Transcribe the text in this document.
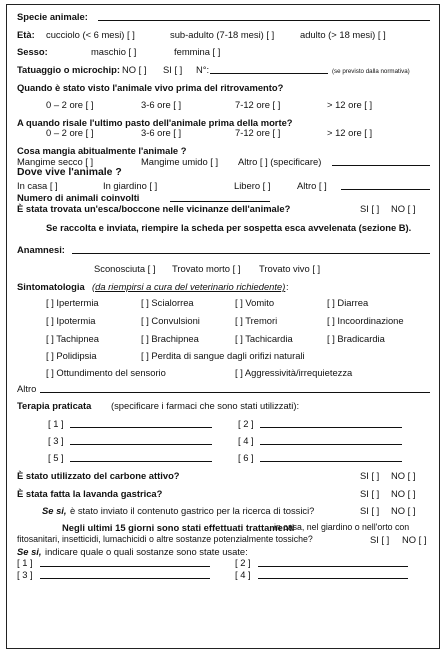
Specie animale:
Età: cucciolo (< 6 mesi) [ ]	sub-adulto (7-18 mesi) [ ]	adulto (> 18 mesi) [ ]
Sesso:	maschio [ ]	femmina [ ]
Tatuaggio o microchip: NO [ ] SI [ ] N°:	(se previsto dalla normativa)
Quando è stato visto l'animale vivo prima del ritrovamento?
0 – 2 ore [ ]	3-6 ore [ ]	7-12 ore [ ]	> 12 ore [ ]
A quando risale l'ultimo pasto dell'animale prima della morte?
0 – 2 ore [ ]	3-6 ore [ ]	7-12 ore [ ]	> 12 ore [ ]
Cosa mangia abitualmente l'animale ?
Mangime secco [ ]	Mangime umido [ ] Altro [ ] (specificare)
Dove vive l'animale ?
In casa [ ]	In giardino [ ]	Libero [ ]	Altro [ ]
Numero di animali coinvolti
È stata trovata un'esca/boccone nelle vicinanze dell'animale?	SI [ ] NO [ ]
Se raccolta e inviata, riempire la scheda per sospetta esca avvelenata (sezione B).
Anamnesi:
Sconosciuta [ ] Trovato morto [ ] Trovato vivo [ ]
Sintomatologia (da riempirsi a cura del veterinario richiedente) :
[ ] Ipertermia	[ ] Scialorrea	[ ] Vomito	[ ] Diarrea
[ ] Ipotermia	[ ] Convulsioni	[ ] Tremori	[ ] Incoordinazione
[ ] Tachipnea	[ ] Brachipnea	[ ] Tachicardia	[ ] Bradicardia
[ ] Polidipsia	[ ] Perdita di sangue dagli orifizi naturali
[ ] Ottundimento del sensorio	[ ] Aggressività/irrequietezza
Altro
Terapia praticata (specificare i farmaci che sono stati utilizzati):
[ 1 ]	[ 2 ]
[ 3 ]	[ 4 ]
[ 5 ]	[ 6 ]
È stato utilizzato del carbone attivo?	SI [ ] NO [ ]
È stata fatta la lavanda gastrica?	SI [ ] NO [ ]
Se si, è stato inviato il contenuto gastrico per la ricerca di tossici?	SI [ ] NO [ ]
Negli ultimi 15 giorni sono stati effettuati trattamenti
in casa, nel giardino o nell'orto con
fitosanitari, insetticidi, lumachicidi o altre sostanze potenzialmente tossiche?	SI [ ] NO [ ]
Se si, indicare quale o quali sostanze sono state usate:
[ 1 ]	[ 2 ]
[ 3 ]	[ 4 ]
